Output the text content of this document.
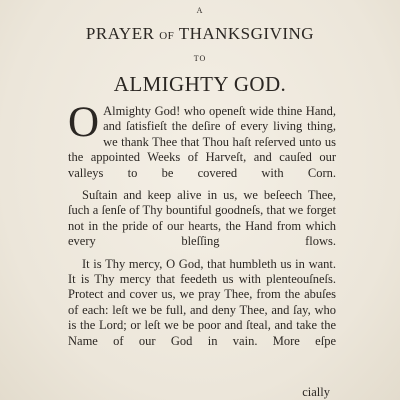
A
PRAYER OF THANKSGIVING
TO
ALMIGHTY GOD.

O Almighty God! who openeſt wide thine Hand, and ſatisfieſt the deſire of every living thing, we thank Thee that Thou haſt reſerved unto us the appointed Weeks of Harveſt, and cauſed our valleys to be covered with Corn.

Suſtain and keep alive in us, we beſeech Thee, ſuch a ſenſe of Thy bountiful goodneſs, that we forget not in the pride of our hearts, the Hand from which every bleſſing flows.

It is Thy mercy, O God, that humbleth us in want. It is Thy mercy that feedeth us with plenteouſneſs. Protect and cover us, we pray Thee, from the abuſes of each: leſt we be full, and deny Thee, and ſay, who is the Lord; or leſt we be poor and ſteal, and take the Name of our God in vain. More eſpe

cially
